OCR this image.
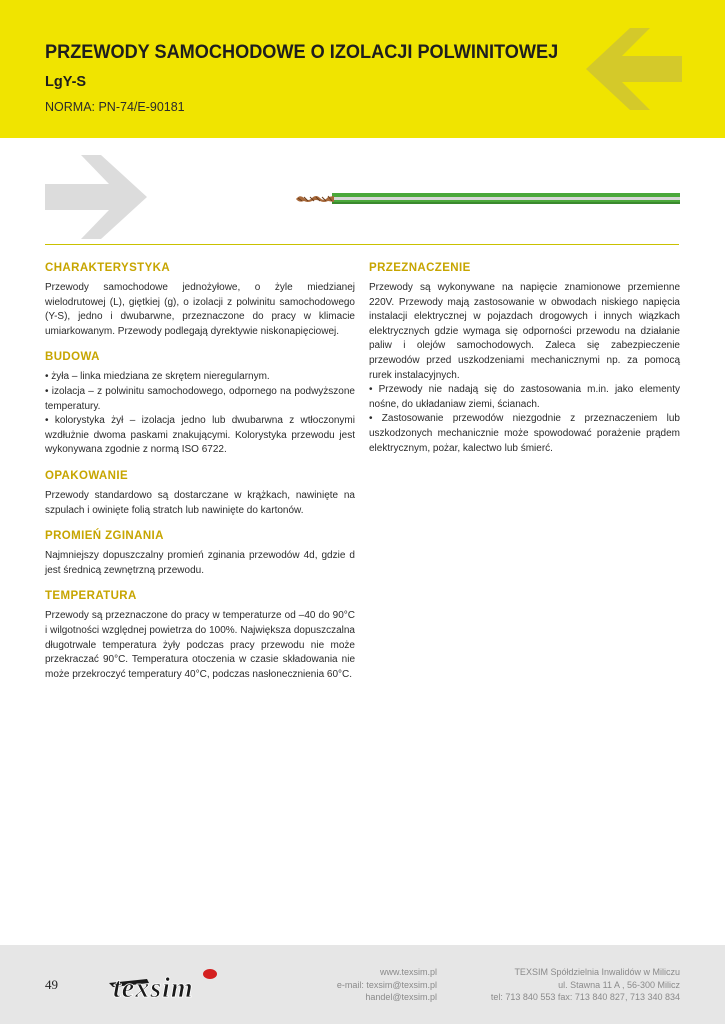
PRZEWODY SAMOCHODOWE O IZOLACJI POLWINITOWEJ
LgY-S
NORMA: PN-74/E-90181
CHARAKTERYSTYKA

Przewody samochodowe jednożyłowe, o żyle miedzianej wielodrutowej (L), giętkiej (g), o izolacji z polwinitu samochodowego (Y-S), jedno i dwubarwne, przeznaczone do pracy w klimacie umiarkowanym. Przewody podlegają dyrektywie niskonapięciowej.

BUDOWA

• żyła – linka miedziana ze skrętem nieregularnym.

• izolacja – z polwinitu samochodowego, odpornego na podwyższone temperatury.

• kolorystyka żył – izolacja jedno lub dwubarwna z wtłoczonymi wzdłużnie dwoma paskami znakującymi. Kolorystyka przewodu jest wykonywana zgodnie z normą ISO 6722.

OPAKOWANIE

Przewody standardowo są dostarczane w krążkach, nawinięte na szpulach i owinięte folią stratch lub nawinięte do kartonów.

PROMIEŃ ZGINANIA

Najmniejszy dopuszczalny promień zginania przewodów 4d, gdzie d jest średnicą zewnętrzną przewodu.

TEMPERATURA

Przewody są przeznaczone do pracy w temperaturze od –40 do 90°C i wilgotności względnej powietrza do 100%. Największa dopuszczalna długotrwale temperatura żyły podczas pracy przewodu nie może przekraczać 90°C. Temperatura otoczenia w czasie składowania nie może przekroczyć temperatury 40°C, podczas nasłonecznienia 60°C.

PRZEZNACZENIE

Przewody są wykonywane na napięcie znamionowe przemienne 220V. Przewody mają zastosowanie w obwodach niskiego napięcia instalacji elektrycznej w pojazdach drogowych i innych wiązkach elektrycznych gdzie wymaga się odporności przewodu na działanie paliw i olejów samochodowych. Zaleca się zabezpieczenie przewodów przed uszkodzeniami mechanicznymi np. za pomocą rurek instalacyjnych.

• Przewody nie nadają się do zastosowania m.in. jako elementy nośne, do układaniaw ziemi, ścianach.

• Zastosowanie przewodów niezgodnie z przeznaczeniem lub uszkodzonych mechanicznie może spowodować porażenie prądem elektrycznym, pożar, kalectwo lub śmierć.

49 texsim
www.texsim.pl
e-mail: texsim@texsim.pl
handel@texsim.pl
TEXSIM Spółdzielnia Inwalidów w Miliczu
ul. Stawna 11 A , 56-300 Milicz
tel: 713 840 553 fax: 713 840 827, 713 340 834
